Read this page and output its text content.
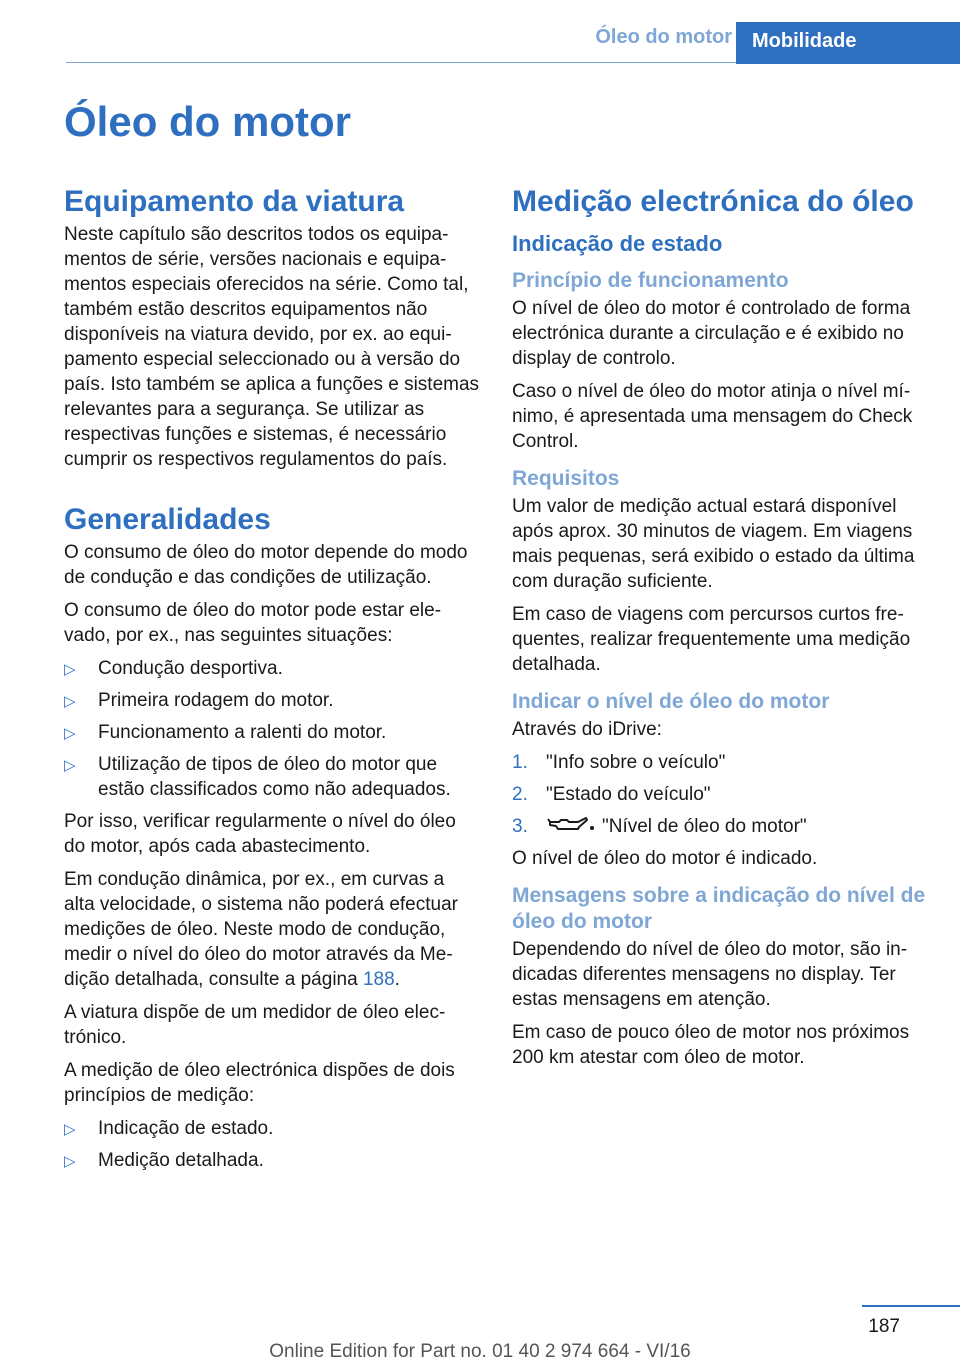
Óleo do motor	Mobilidade
Óleo do motor
Equipamento da viatura

Neste capítulo são descritos todos os equipamentos de série, versões nacionais e equipamentos especiais oferecidos na série. Como tal, também estão descritos equipamentos não disponíveis na viatura devido, por ex. ao equipamento especial seleccionado ou à versão do país. Isto também se aplica a funções e sistemas relevantes para a segurança. Se utilizar as respectivas funções e sistemas, é necessário cumprir os respectivos regulamentos do país.

Generalidades

O consumo de óleo do motor depende do modo de condução e das condições de utilização.

O consumo de óleo do motor pode estar elevado, por ex., nas seguintes situações:

▷ Condução desportiva.
▷ Primeira rodagem do motor.
▷ Funcionamento a ralenti do motor.
▷ Utilização de tipos de óleo do motor que estão classificados como não adequados.

Por isso, verificar regularmente o nível do óleo do motor, após cada abastecimento.

Em condução dinâmica, por ex., em curvas a alta velocidade, o sistema não poderá efectuar medições de óleo. Neste modo de condução, medir o nível do óleo do motor através da Medição detalhada, consulte a página 188.

A viatura dispõe de um medidor de óleo electrónico.

A medição de óleo electrónica dispões de dois princípios de medição:

▷ Indicação de estado.
▷ Medição detalhada.
Medição electrónica do óleo
Indicação de estado
Princípio de funcionamento

O nível de óleo do motor é controlado de forma electrónica durante a circulação e é exibido no display de controlo.

Caso o nível de óleo do motor atinja o nível mínimo, é apresentada uma mensagem do Check Control.

Requisitos

Um valor de medição actual estará disponível após aprox. 30 minutos de viagem. Em viagens mais pequenas, será exibido o estado da última com duração suficiente.

Em caso de viagens com percursos curtos frequentes, realizar frequentemente uma medição detalhada.

Indicar o nível de óleo do motor

Através do iDrive:

1. "Info sobre o veículo"
2. "Estado do veículo"
3.	"Nível de óleo do motor"

O nível de óleo do motor é indicado.

Mensagens sobre a indicação do nível de óleo do motor

Dependendo do nível de óleo do motor, são indicadas diferentes mensagens no display. Ter estas mensagens em atenção.

Em caso de pouco óleo de motor nos próximos 200 km atestar com óleo de motor.

187
Online Edition for Part no. 01 40 2 974 664 - VI/16
